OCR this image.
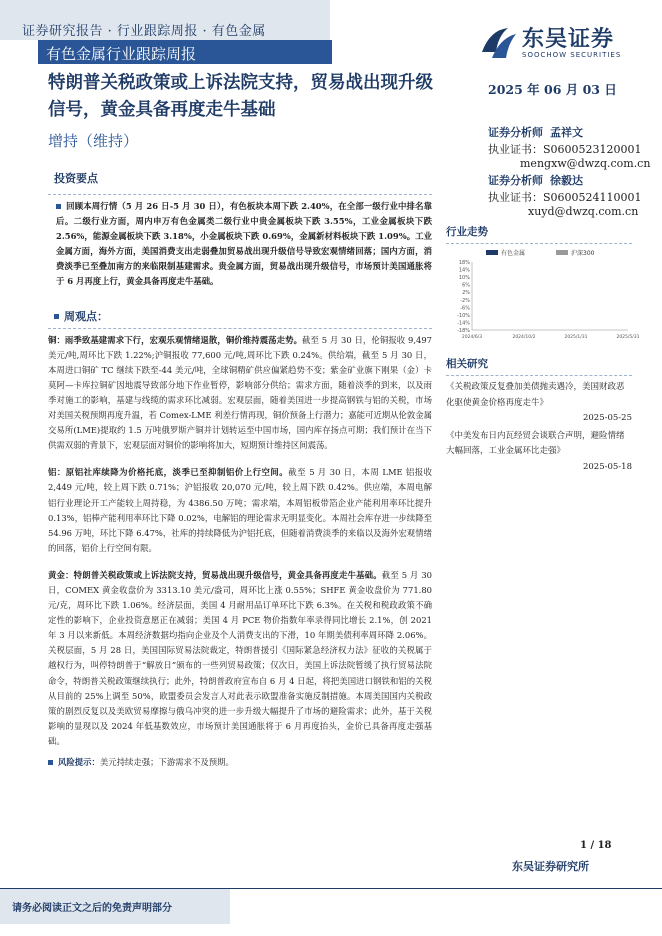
证券研究报告 · 行业跟踪周报 · 有色金属
有色金属行业跟踪周报
东吴证券
SOOCHOW SECURITIES
特朗普关税政策或上诉法院支持，贸易战出现升级信号，黄金具备再度走牛基础
2025 年 06 月 03 日
增持（维持）	证券分析师 孟祥文
执业证书：S0600523120001
mengxw@dwzq.com.cn
证券分析师 徐毅达
执业证书：S0600524110001
xuyd@dwzq.com.cn
投资要点
回顾本周行情（5 月 26 日-5 月 30 日），有色板块本周下跌 2.40%，在全部一级行业中排名靠后。二级行业方面，周内申万有色金属类二级行业中贵金属板块下跌 3.55%，工业金属板块下跌 2.56%，能源金属板块下跌 3.18%，小金属板块下跌 0.69%，金属新材料板块下跌 1.09%。工业金属方面，海外方面，美国消费支出走弱叠加贸易战出现升级信号导致宏观情绪回落；国内方面，消费淡季已至叠加南方的来临限制基建需求。贵金属方面，贸易战出现升级信号，市场预计美国通胀将于 6 月再度上行，黄金具备再度走牛基础。
周观点：
铜：雨季致基建需求下行，宏观乐观情绪退散，铜价维持震荡走势。截至 5 月 30 日，伦铜报收 9,497 美元/吨,周环比下跌 1.22%;沪铜报收 77,600 元/吨,周环比下跌 0.24%。供给端，截至 5 月 30 日，本周进口铜矿 TC 继续下跌至-44 美元/吨，全球铜精矿供应偏紧趋势不变；紫金矿业旗下刚果（金）卡莫阿—卡库拉铜矿因地震导致部分地下作业暂停，影响部分供给；需求方面，随着淡季的到来，以及雨季对施工的影响，基建与线缆的需求环比减弱。宏观层面，随着美国进一步提高钢铁与铝的关税，市场对美国关税预期再度升温，若 Comex-LME 利差行情再现，铜价预备上行潜力；嘉能可近期从伦敦金属交易所(LME)提取约 1.5 万吨俄罗斯产铜并计划转运至中国市场，国内库存扬点可期；我们预计在当下供需双弱的背景下，宏观层面对铜价的影响将加大，短期预计维持区间震荡。
铝：原铝社库续降为价格托底，淡季已至抑制铝价上行空间。截至 5 月 30 日，本周 LME 铝报收 2,449 元/吨，较上周下跌 0.71%；沪铝报收 20,070 元/吨，较上周下跌 0.42%。供应端，本周电解铝行业理论开工产能较上周持稳，为 4386.50 万吨；需求端，本周铝板带箔企业产能利用率环比提升 0.13%，铝棒产能利用率环比下降 0.02%，电解铝的理论需求无明显变化。本周社会库存进一步续降至 54.96 万吨，环比下降 6.47%，社库的持续降低为沪铝托底，但随着消费淡季的来临以及海外宏观情绪的回落，铝价上行空间有限。
黄金：特朗普关税政策或上诉法院支持，贸易战出现升级信号，黄金具备再度走牛基础。截至 5 月 30 日，COMEX 黄金收盘价为 3313.10 美元/盎司，周环比上涨 0.55%；SHFE 黄金收盘价为 771.80 元/克，周环比下跌 1.06%。经济层面，美国 4 月耐用品订单环比下跌 6.3%。在关税和税政政策不确定性的影响下，企业投资意愿正在减弱；美国 4 月 PCE 物价指数年率录得同比增长 2.1%，创 2021 年 3 月以来新低。本周经济数据均指向企业及个人消费支出的下滑，10 年期美债利率周环降 2.06%。关税层面，5 月 28 日，美国国际贸易法院裁定，特朗普援引《国际紧急经济权力法》征收的关税属于越权行为，叫停特朗普于“解放日”颁布的一些列贸易政策；仅次日，美国上诉法院暂缓了执行贸易法院命令，特朗普关税政策继续执行；此外，特朗普政府宣布自 6 月 4 日起，将把美国进口钢铁和铝的关税从目前的 25%上调至 50%，欧盟委员会发言人对此表示欧盟准备实施反制措施。本周美国国内关税政策的剧烈反复以及美欧贸易摩擦与俄乌冲突的进一步升级大幅提升了市场的避险需求；此外，基于关税影响的显现以及 2024 年低基数效应，市场预计美国通胀将于 6 月再度抬头，金价已具备再度走强基础。
风险提示：美元持续走强；下游需求不及预期。
行业走势
有色金属	沪深300
18%
14%
10%
6%
2%
-2%
-6%
-10%
-14%
-18%
2024/6/3	2024/10/2	2025/1/31	2025/5/31
相关研究
《关税政策反复叠加美债抛卖遇冷，美国财政恶化驱使黄金价格再度走牛》
2025-05-25
《中美发布日内瓦经贸会谈联合声明，避险情绪大幅回落，工业金属环比走强》
2025-05-18
1 / 18
东吴证券研究所
请务必阅读正文之后的免责声明部分
